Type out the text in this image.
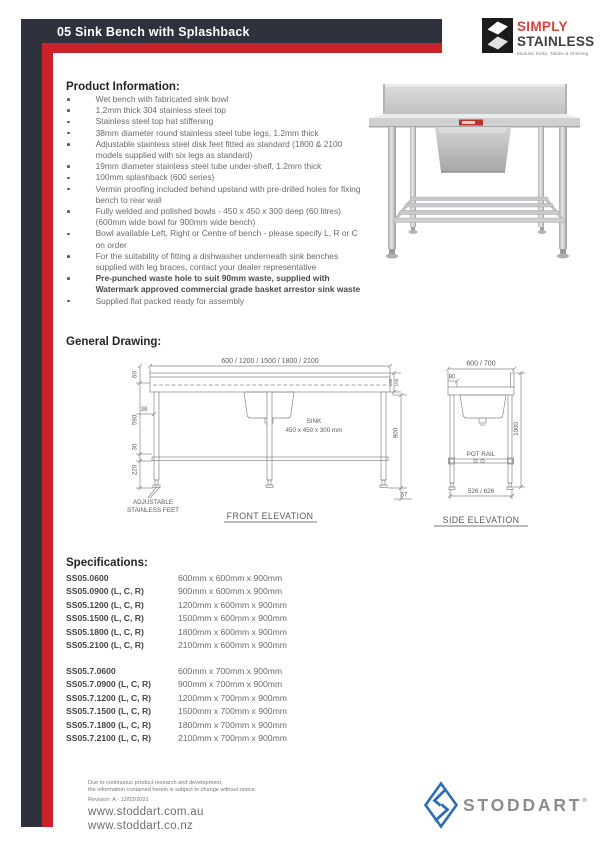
05 Sink Bench with Splashback	SIMPLY
STAINLESS
Modular Sinks, Tables & Shelving
Product Information:
Wet bench with fabricated sink bowl
1.2mm thick 304 stainless steel top
Stainless steel top hat stiffening
38mm diameter round stainless steel tube legs, 1.2mm thick
Adjustable stainless steel disk feet fitted as standard (1800 & 2100 models supplied with six legs as standard)
19mm diameter stainless steel tube under-shelf, 1.2mm thick
100mm splashback (600 series)
Vermin proofing included behind upstand with pre-drilled holes for fixing bench to rear wall
Fully welded and polished bowls - 450 x 450 x 300 deep (60 litres) (600mm wide bowl for 900mm wide bench)
Bowl available Left, Right or Centre of bench - please specify L, R or C on order
For the suitability of fitting a dishwasher underneath sink benches supplied with leg braces, contact your dealer representative
Pre-punched waste hole to suit 90mm waste, supplied with Watermark approved commercial grade basket arrestor sink waste
Supplied flat packed ready for assembly
General Drawing:
600 / 1200 / 1500 / 1800 / 2100
60
38
590
30
220
100 150
900
37
SINK
450 x 450 x 300 mm
ADJUSTABLE
STAINLESS FEET
FRONT ELEVATION
600 / 700
80
POT RAIL
1000
526 / 626
SIDE ELEVATION
Specifications:
SS05.0600	600mm x 600mm x 900mm
SS05.0900 (L, C, R)	900mm x 600mm x 900mm
SS05.1200 (L, C, R)	1200mm x 600mm x 900mm
SS05.1500 (L, C, R)	1500mm x 600mm x 900mm
SS05.1800 (L, C, R)	1800mm x 600mm x 900mm
SS05.2100 (L, C, R)	2100mm x 600mm x 900mm
SS05.7.0600	600mm x 700mm x 900mm
SS05.7.0900 (L, C, R)	900mm x 700mm x 900mm
SS05.7.1200 (L, C, R)	1200mm x 700mm x 900mm
SS05.7.1500 (L, C, R)	1500mm x 700mm x 900mm
SS05.7.1800 (L, C, R)	1800mm x 700mm x 900mm
SS05.7.2100 (L, C, R)	2100mm x 700mm x 900mm
Due to continuous product research and development,
the information contained herein is subject to change without notice.
Revision: A - 12/03/2021
www.stoddart.com.au
www.stoddart.co.nz
STODDART®
